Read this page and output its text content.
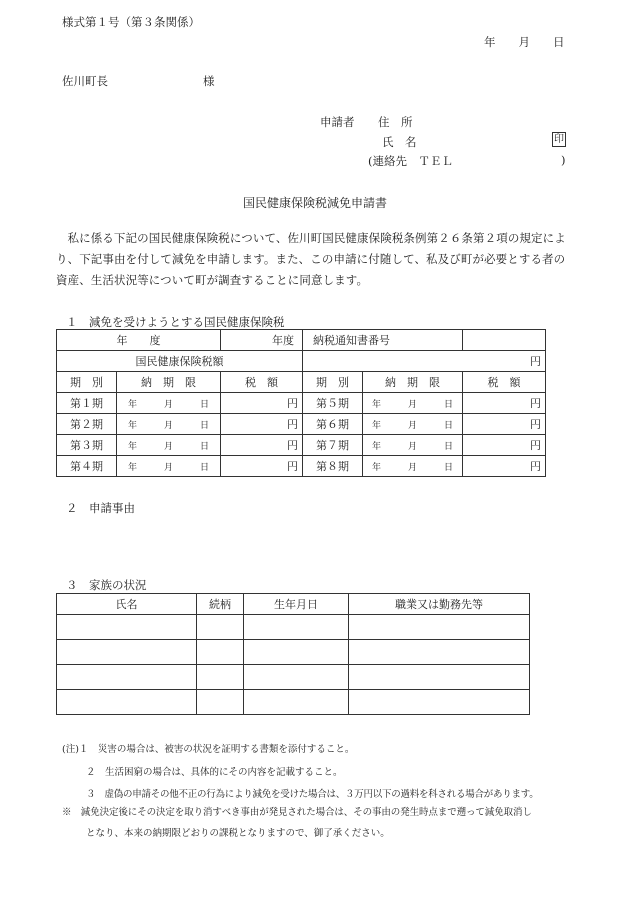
様式第１号（第３条関係）
年　　月　　日
佐川町長	様
申請者 住　所
氏　名	印
(連絡先　ＴＥＬ	)
国民健康保険税減免申請書
私に係る下記の国民健康保険税について、佐川町国民健康保険税条例第２６条第２項の規定により、下記事由を付して減免を申請します。また、この申請に付随して、私及び町が必要とする者の資産、生活状況等について町が調査することに同意します。
１　減免を受けようとする国民健康保険税
年　　度		年度	納税通知書番号		
国民健康保険税額			円		
期　別	納　期　限	税　額	期　別	納　期　限	税　額
第１期	年　　　月　　　日	円	第５期	年　　　月　　　日	円
第２期	年　　　月　　　日	円	第６期	年　　　月　　　日	円
第３期	年　　　月　　　日	円	第７期	年　　　月　　　日	円
第４期	年　　　月　　　日	円	第８期	年　　　月　　　日	円
２　申請事由
３　家族の状況
氏名	続柄	生年月日	職業又は勤務先等

(注)１　災害の場合は、被害の状況を証明する書類を添付すること。
２　生活困窮の場合は、具体的にその内容を記載すること。
３　虚偽の申請その他不正の行為により減免を受けた場合は、３万円以下の過料を科される場合があります。
※　減免決定後にその決定を取り消すべき事由が発見された場合は、その事由の発生時点まで遡って減免取消し
となり、本来の納期限どおりの課税となりますので、御了承ください。
